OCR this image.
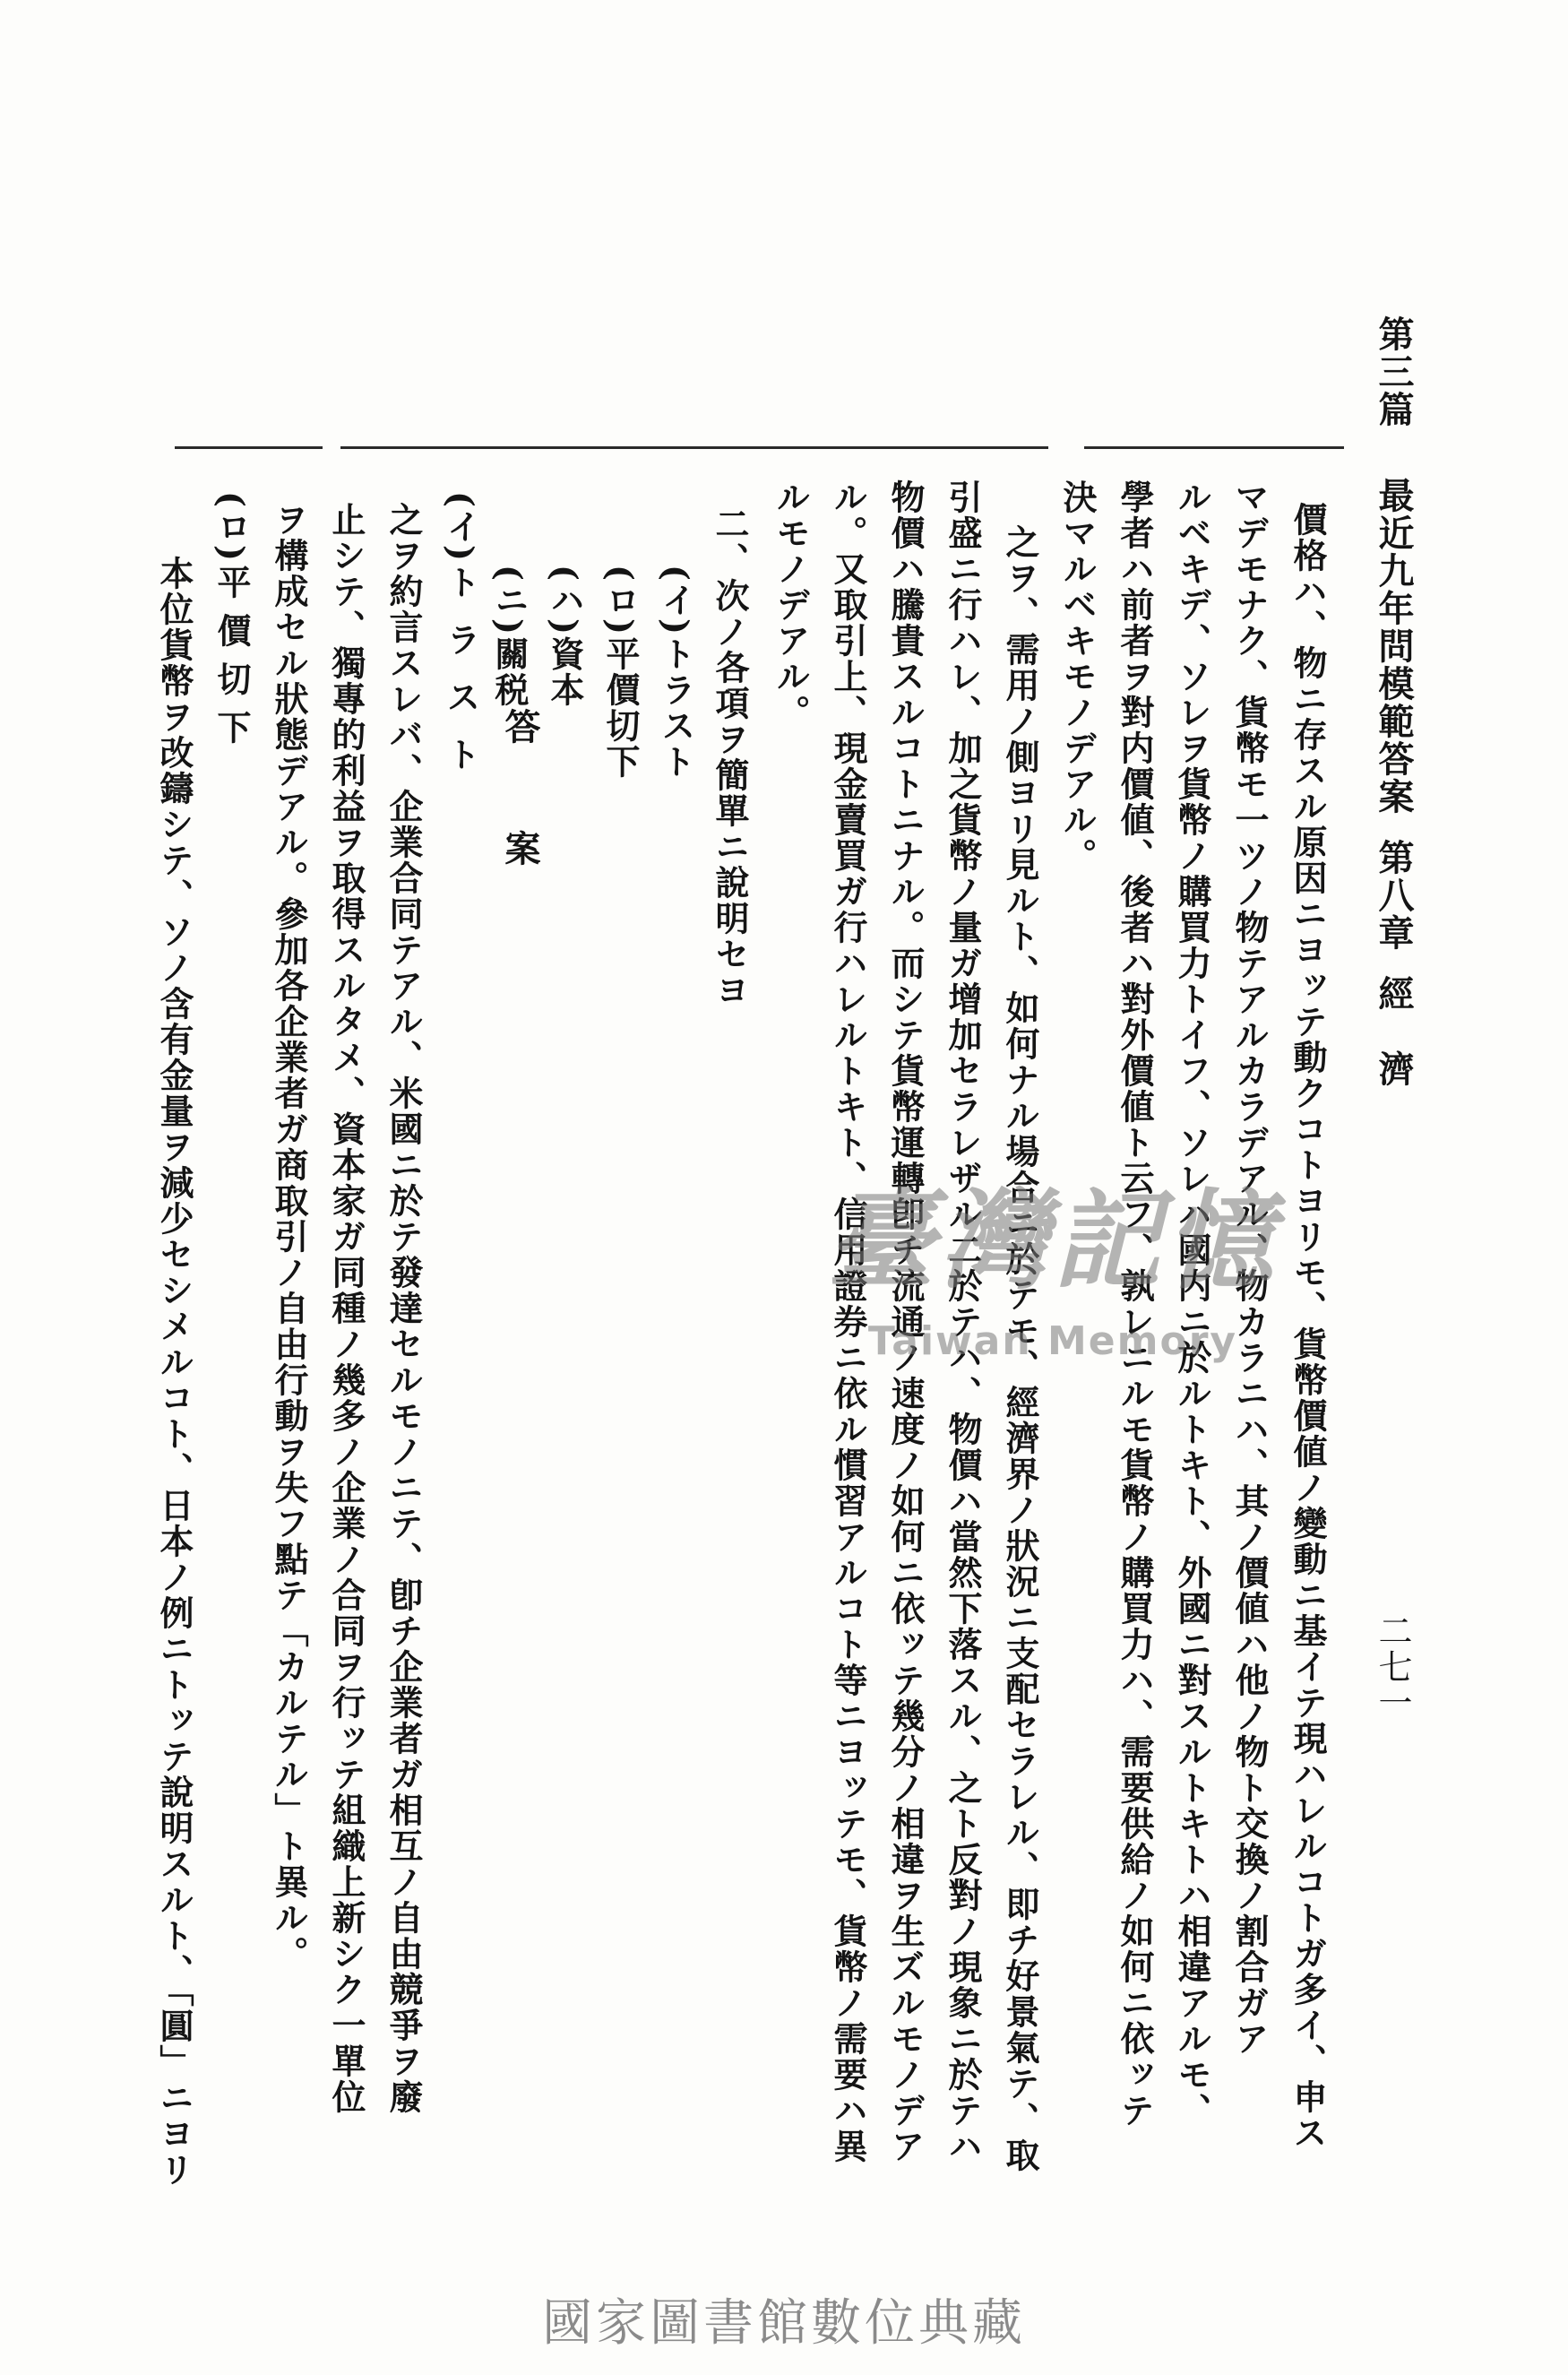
第三篇
最近九年問模範答案第八章經　濟
二七一
價格ハ、物ニ存スル原因ニヨッテ動クコトヨリモ、貨幣價値ノ變動ニ基イテ現ハレルコトガ多イ、申ス
マデモナク、貨幣モ一ツノ物テアルカラデアル、物カラニハ、其ノ價値ハ他ノ物ト交換ノ割合ガア
ルベキデ、ソレヲ貨幣ノ購買力トイフ、ソレハ國内ニ於ルトキト、外國ニ對スルトキトハ相違アルモ、
學者ハ前者ヲ對内價値、後者ハ對外價値ト云フ、孰レニルモ貨幣ノ購買力ハ、需要供給ノ如何ニ依ッテ
決マルベキモノデアル。
之ヲ、需用ノ側ヨリ見ルト、如何ナル場合ニ於テモ、經濟界ノ狀況ニ支配セラレル、即チ好景氣テ、取
引盛ニ行ハレ、加之貨幣ノ量ガ增加セラレザル二於テハ、物價ハ當然下落スル、之ト反對ノ現象ニ於テハ
物價ハ騰貴スルコトニナル。而シテ貨幣運轉卽チ流通ノ速度ノ如何ニ依ッテ幾分ノ相違ヲ生ズルモノデア
ル。又取引上、現金賣買ガ行ハレルトキト、信用證券ニ依ル慣習アルコト等ニヨッテモ、貨幣ノ需要ハ異
ルモノデアル。
二、次ノ各項ヲ簡單ニ說明セヨ
(イ)トラスト
(ロ)平價切下
(ハ)資本
(ニ)關税
答　案
(イ)
トラスト
之ヲ約言スレバ、企業合同テアル、米國ニ於テ發達セルモノニテ、卽チ企業者ガ相互ノ自由競爭ヲ廢
止シテ、獨專的利益ヲ取得スルタメ、資本家ガ同種ノ幾多ノ企業ノ合同ヲ行ッテ組織上新シク一單位
ヲ構成セル狀態デアル。參加各企業者ガ商取引ノ自由行動ヲ失フ點テ「カルテル」ト異ル。
(ロ)
平價切下
本位貨幣ヲ改鑄シテ、ソノ含有金量ヲ減少セシメルコト、日本ノ例ニトッテ說明スルト、「圓」ニヨリ	臺灣記憶
Taiwan Memory
國家圖書館數位典藏
